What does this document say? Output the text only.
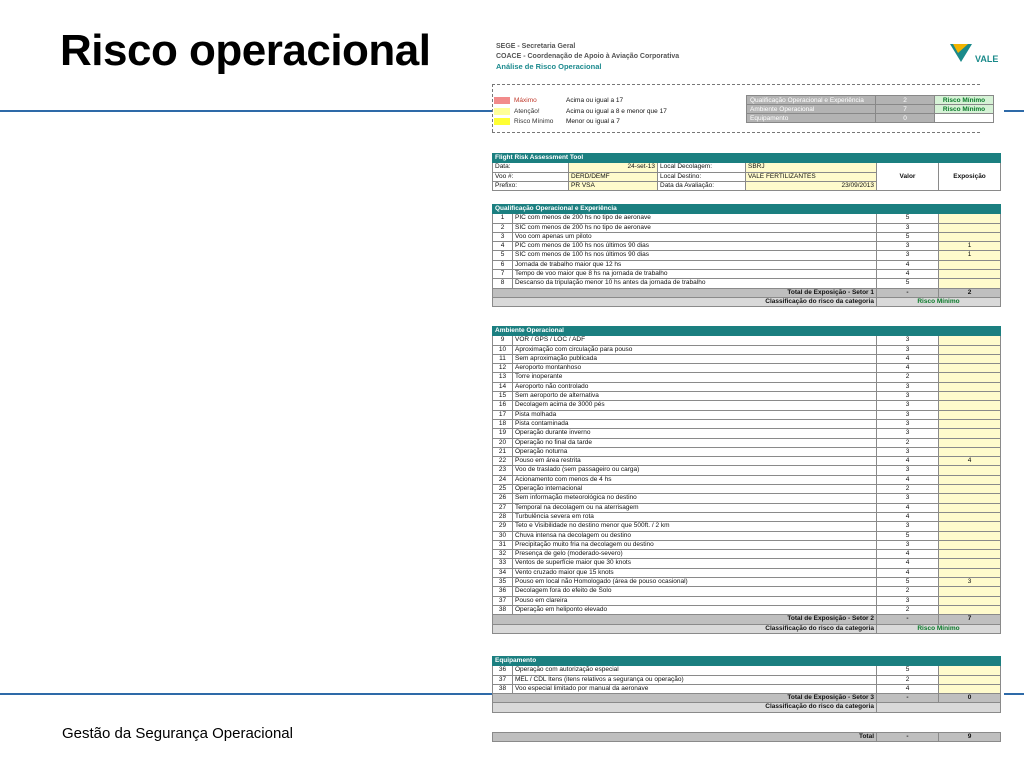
Risco operacional
Gestão da Segurança Operacional
SEGE - Secretaria Geral
COACE - Coordenação de Apoio à Aviação Corporativa
Análise de Risco Operacional
VALE
Máximo	Acima ou igual a 17
Atenção!	Acima ou igual a 8 e menor que 17
Risco Mínimo	Menor ou igual a 7
Qualificação Operacional e Experiência	2	Risco Mínimo
Ambiente Operacional	7	Risco Mínimo
Equipamento	0	
Flight Risk Assessment Tool					
Data:	24-set-13	Local Decolagem:	SBRJ	Valor	Exposição
Voo #:	DERD/DEMF	Local Destino:	VALE FERTILIZANTES		
Prefixo:	PR VSA	Data da Avaliação:	23/09/2013		
Qualificação Operacional e Experiência			
1	PIC com menos de 200 hs no tipo de aeronave	5	
2	SIC com menos de 200 hs no tipo de aeronave	3	
3	Voo com apenas um piloto	5	
4	PIC com menos de 100 hs nos últimos 90 dias	3	1
5	SIC com menos de 100 hs nos últimos 90 dias	3	1
6	Jornada de trabalho maior que 12 hs	4	
7	Tempo de voo maior que 8 hs na jornada de trabalho	4	
8	Descanso da tripulação menor 10 hs antes da jornada de trabalho	5	
Total de Exposição - Setor 1		-	2
Classificação do risco da categoria		Risco Mínimo	
Ambiente Operacional			
9	VOR / GPS / LOC / ADF	3	
10	Aproximação com circulação para pouso	3	
11	Sem aproximação publicada	4	
12	Aeroporto montanhoso	4	
13	Torre inoperante	2	
14	Aeroporto não controlado	3	
15	Sem aeroporto de alternativa	3	
16	Decolagem acima de 3000 pés	3	
17	Pista molhada	3	
18	Pista contaminada	3	
19	Operação durante inverno	3	
20	Operação no final da tarde	2	
21	Operação noturna	3	
22	Pouso em área restrita	4	4
23	Voo de traslado (sem passageiro ou carga)	3	
24	Acionamento com menos de 4 hs	4	
25	Operação internacional	2	
26	Sem informação meteorológica no destino	3	
27	Temporal na decolagem ou na aterrisagem	4	
28	Turbulência severa em rota	4	
29	Teto e Visibilidade no destino menor que 500ft. / 2 km	3	
30	Chuva intensa na decolagem ou destino	5	
31	Precipitação muito fria na decolagem ou destino	3	
32	Presença de gelo (moderado-severo)	4	
33	Ventos de superfície maior que 30 knots	4	
34	Vento cruzado maior que 15 knots	4	
35	Pouso em local não Homologado (área de pouso ocasional)	5	3
36	Decolagem fora do efeito de Solo	2	
37	Pouso em clareira	3	
38	Operação em heliponto elevado	2	
Total de Exposição - Setor 2		-	7
Classificação do risco da categoria		Risco Mínimo	
Equipamento			
36	Operação com autorização especial	5	
37	MEL / CDL Itens (itens relativos a segurança ou operação)	2	
38	Voo especial limitado por manual da aeronave	4	
Total de Exposição - Setor 3		-	0
Classificação do risco da categoria			
Total	-	9
